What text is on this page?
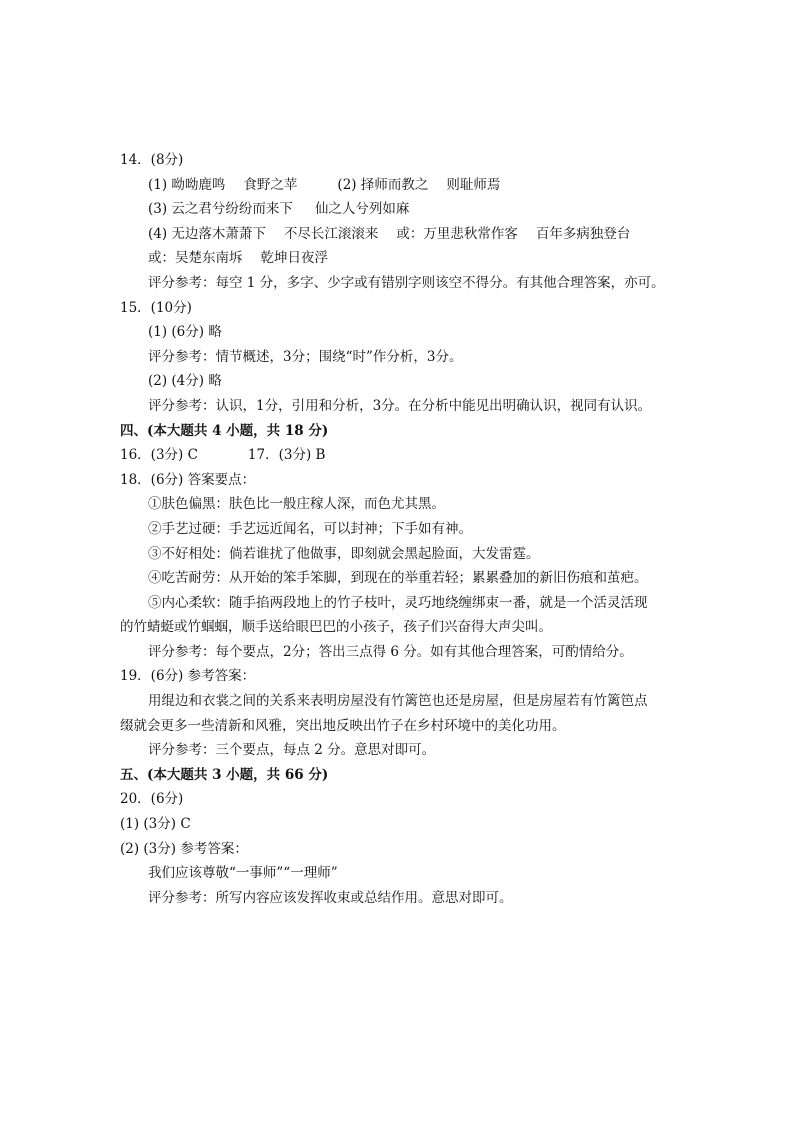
14．(8分)
(1) 呦呦鹿鸣 食野之苹	(2) 择师而教之 则耻师焉
(3) 云之君兮纷纷而来下 仙之人兮列如麻
(4) 无边落木萧萧下 不尽长江滚滚来 或：万里悲秋常作客 百年多病独登台
或：吴楚东南坼 乾坤日夜浮
评分参考：每空 1 分，多字、少字或有错别字则该空不得分。有其他合理答案，亦可。
15．(10分)
(1) (6分) 略
评分参考：情节概述，3分；围绕“时”作分析，3分。
(2) (4分) 略
评分参考：认识，1分，引用和分析，3分。在分析中能见出明确认识，视同有认识。
四、(本大题共 4 小题，共 18 分)
16．(3分) C	17．(3分) B
18．(6分) 答案要点：
①肤色偏黑：肤色比一般庄稼人深，而色尤其黑。
②手艺过硬：手艺远近闻名，可以封神；下手如有神。
③不好相处：倘若谁扰了他做事，即刻就会黑起脸面，大发雷霆。
④吃苦耐劳：从开始的笨手笨脚，到现在的举重若轻；累累叠加的新旧伤痕和茧疤。
⑤内心柔软：随手掐两段地上的竹子枝叶，灵巧地绕缠绑束一番，就是一个活灵活现
的竹蜻蜓或竹蝈蝈，顺手送给眼巴巴的小孩子，孩子们兴奋得大声尖叫。
评分参考：每个要点，2分；答出三点得 6 分。如有其他合理答案，可酌情给分。
19．(6分) 参考答案：
用绲边和衣裳之间的关系来表明房屋没有竹篱笆也还是房屋，但是房屋若有竹篱笆点
缀就会更多一些清新和风雅，突出地反映出竹子在乡村环境中的美化功用。
评分参考：三个要点，每点 2 分。意思对即可。
五、(本大题共 3 小题，共 66 分)
20．(6分)
(1) (3分) C
(2) (3分) 参考答案：
我们应该尊敬“一事师”“一理师”
评分参考：所写内容应该发挥收束或总结作用。意思对即可。
